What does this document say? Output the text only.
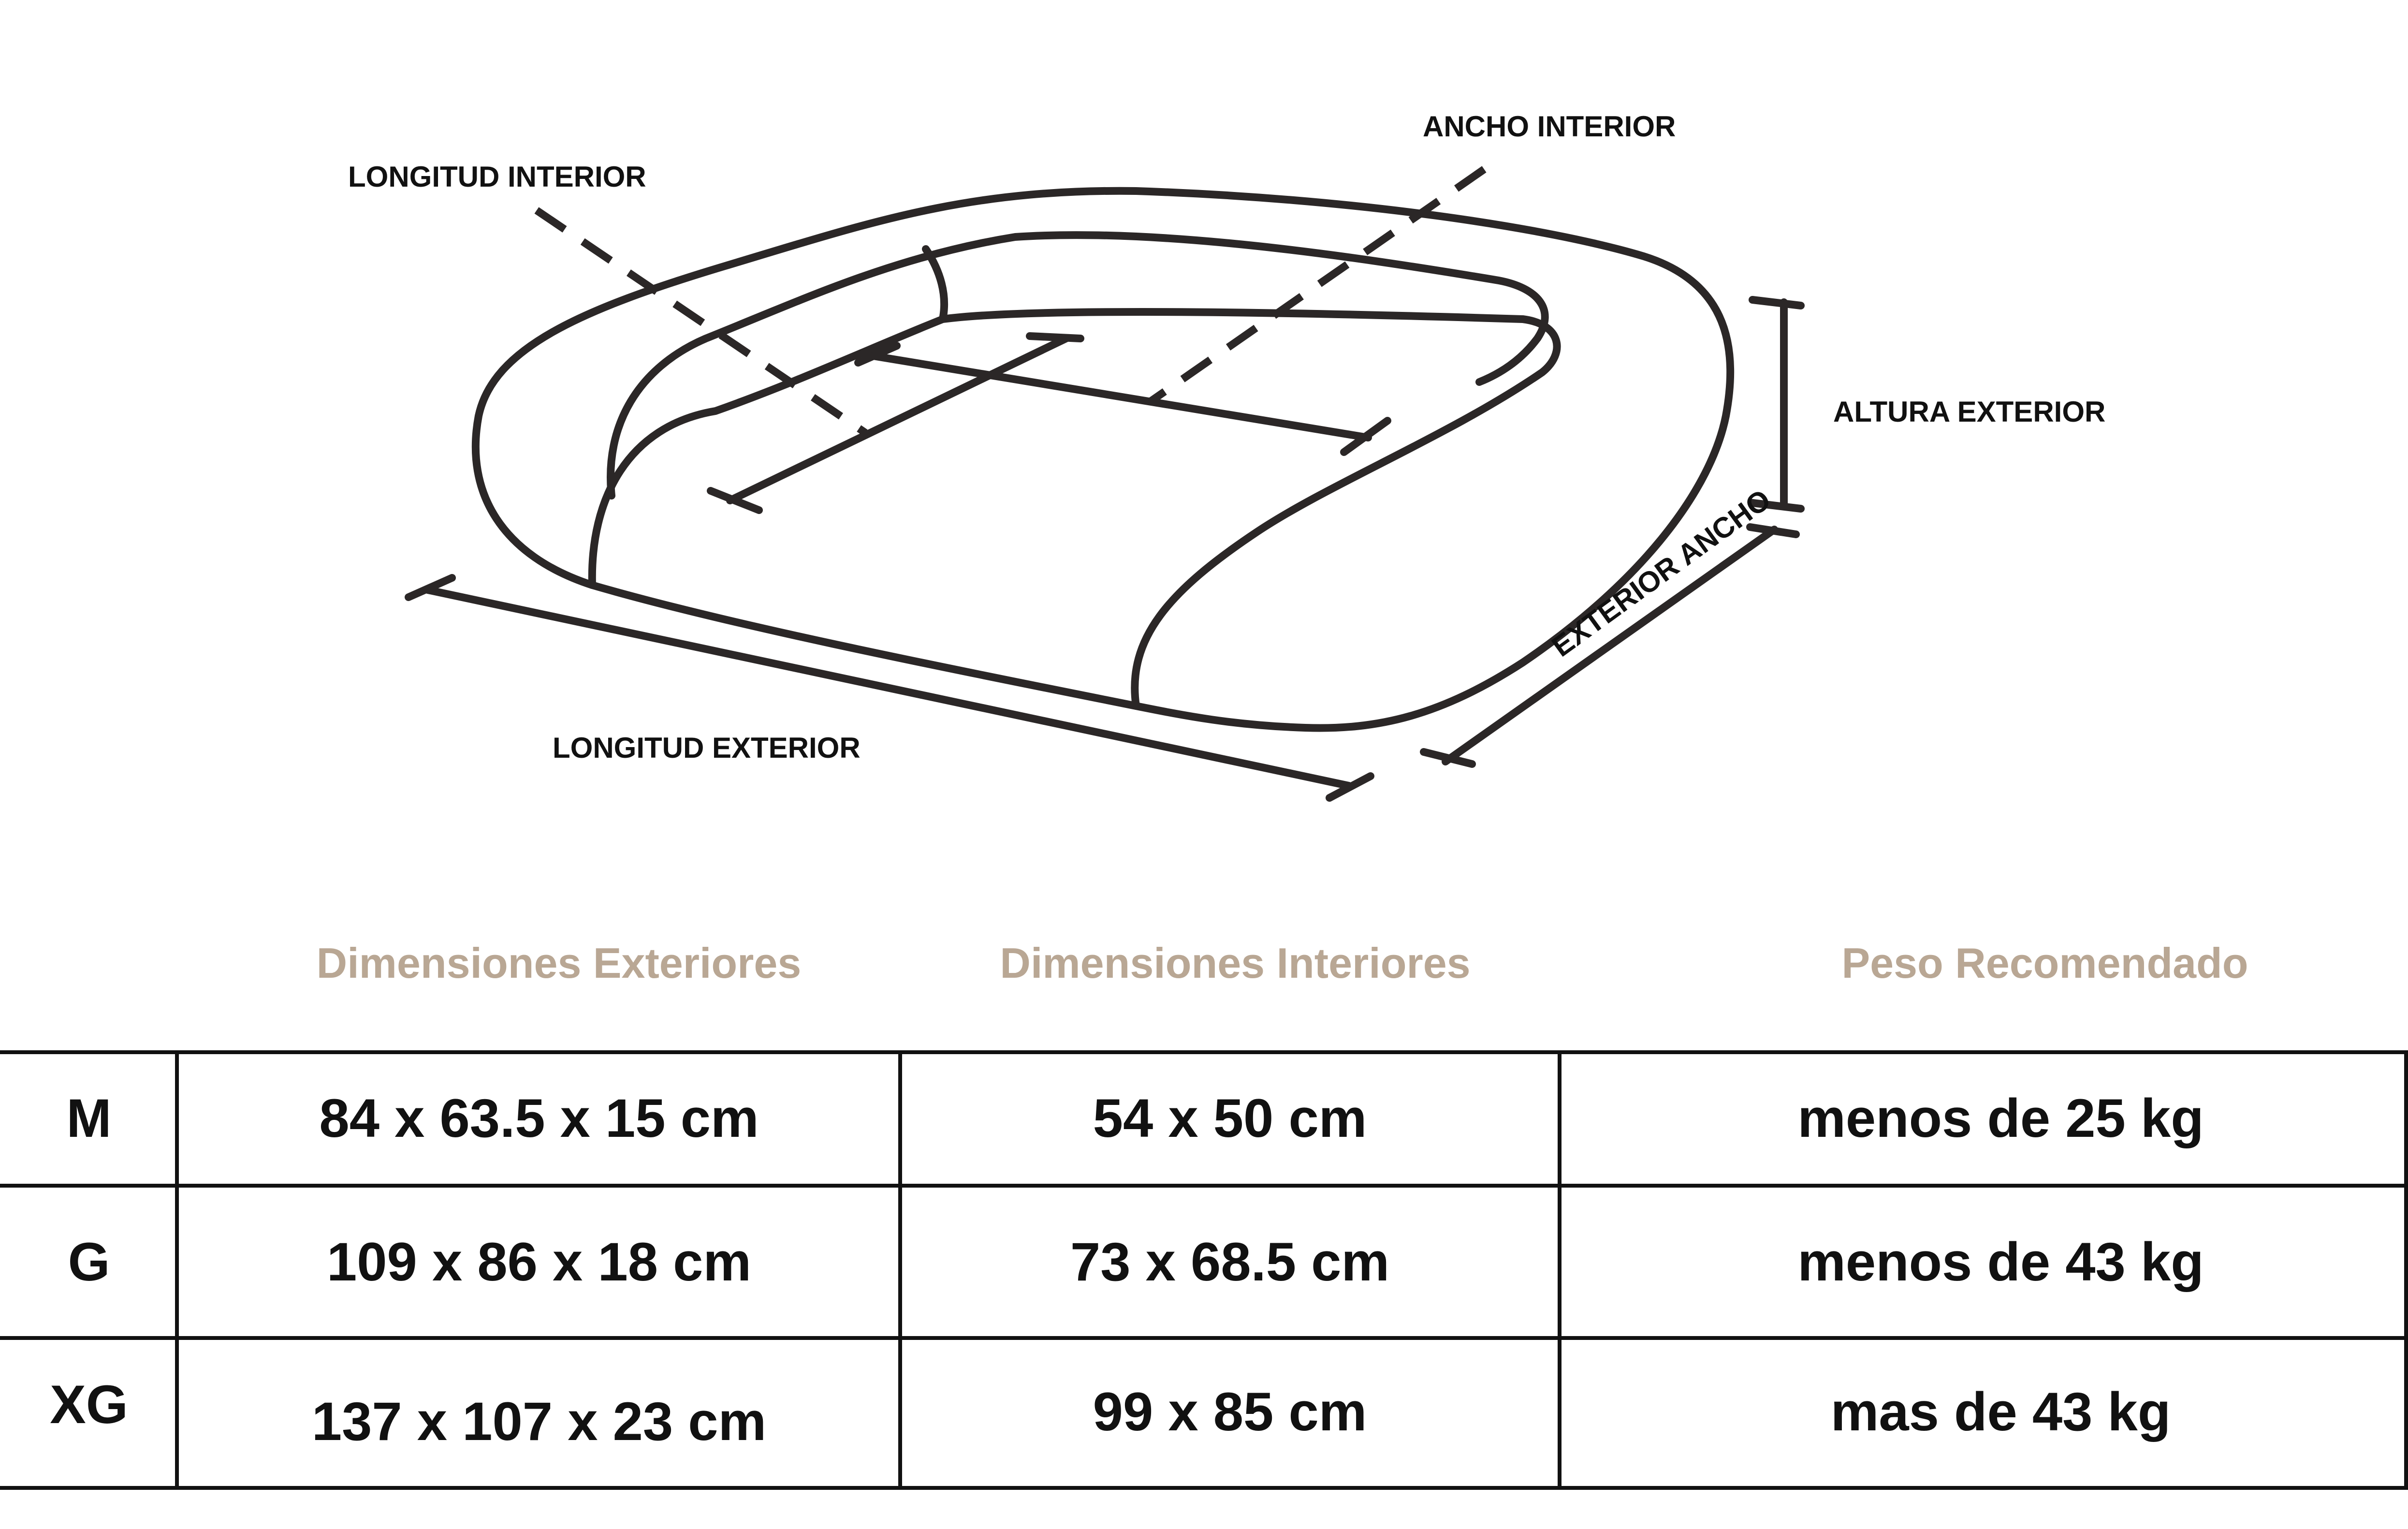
LONGITUD INTERIOR
ANCHO INTERIOR
ALTURA EXTERIOR
LONGITUD EXTERIOR
EXTERIOR ANCHO
Dimensiones Exteriores	Dimensiones Interiores	Peso Recomendado
M	84 x 63.5 x 15 cm	54 x 50 cm	menos de 25 kg
G	109 x 86 x 18 cm	73 x 68.5 cm	menos de 43 kg
XG	137 x 107 x 23 cm	99 x 85 cm	mas de 43 kg
